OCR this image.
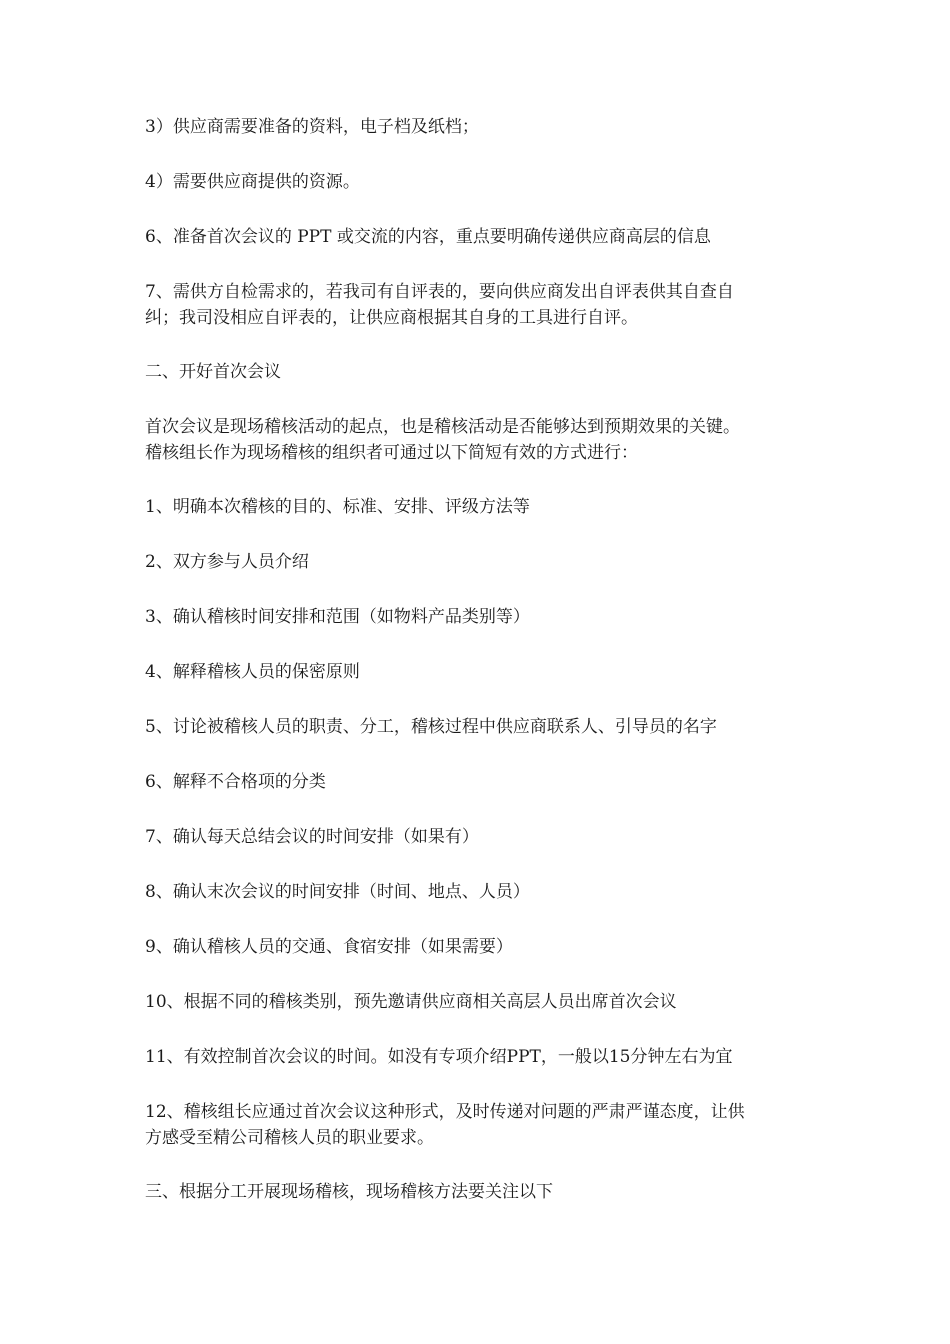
3）供应商需要准备的资料，电子档及纸档；

4）需要供应商提供的资源。

6、准备首次会议的 PPT 或交流的内容，重点要明确传递供应商高层的信息

7、需供方自检需求的，若我司有自评表的，要向供应商发出自评表供其自查自
纠；我司没相应自评表的，让供应商根据其自身的工具进行自评。

二、开好首次会议

首次会议是现场稽核活动的起点，也是稽核活动是否能够达到预期效果的关键。
稽核组长作为现场稽核的组织者可通过以下简短有效的方式进行：

1、明确本次稽核的目的、标准、安排、评级方法等

2、双方参与人员介绍

3、确认稽核时间安排和范围（如物料产品类别等）

4、解释稽核人员的保密原则

5、讨论被稽核人员的职责、分工，稽核过程中供应商联系人、引导员的名字

6、解释不合格项的分类

7、确认每天总结会议的时间安排（如果有）

8、确认末次会议的时间安排（时间、地点、人员）

9、确认稽核人员的交通、食宿安排（如果需要）

10、根据不同的稽核类别，预先邀请供应商相关高层人员出席首次会议

11、有效控制首次会议的时间。如没有专项介绍PPT，一般以15分钟左右为宜

12、稽核组长应通过首次会议这种形式，及时传递对问题的严肃严谨态度，让供
方感受至精公司稽核人员的职业要求。

三、根据分工开展现场稽核，现场稽核方法要关注以下
